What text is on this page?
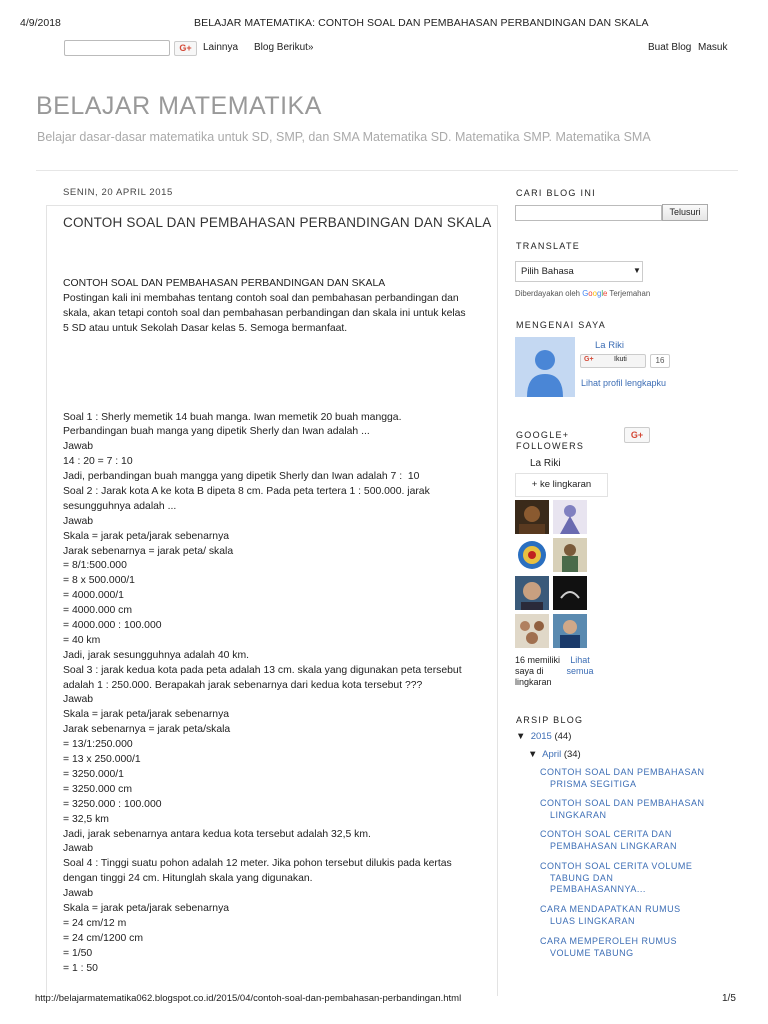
4/9/2018	BELAJAR MATEMATIKA: CONTOH SOAL DAN PEMBAHASAN PERBANDINGAN DAN SKALA
http://belajarmatematika062.blogspot.co.id/2015/04/contoh-soal-dan-pembahasan-perbandingan.html	1/5
G+	Lainnya Blog Berikut»	Buat Blog Masuk
BELAJAR MATEMATIKA
Belajar dasar-dasar matematika untuk SD, SMP, dan SMA Matematika SD. Matematika SMP. Matematika SMA
SENIN, 20 APRIL 2015
CONTOH SOAL DAN PEMBAHASAN PERBANDINGAN DAN SKALA
CONTOH SOAL DAN PEMBAHASAN PERBANDINGAN DAN SKALA
Postingan kali ini membahas tentang contoh soal dan pembahasan perbandingan dan
skala, akan tetapi contoh soal dan pembahasan perbandingan dan skala ini untuk kelas
5 SD atau untuk Sekolah Dasar kelas 5. Semoga bermanfaat.
Soal 1 : Sherly memetik 14 buah manga. Iwan memetik 20 buah mangga.
Perbandingan buah manga yang dipetik Sherly dan Iwan adalah ...
Jawab
14 : 20 = 7 : 10
Jadi, perbandingan buah mangga yang dipetik Sherly dan Iwan adalah 7 :  10
Soal 2 : Jarak kota A ke kota B dipeta 8 cm. Pada peta tertera 1 : 500.000. jarak
sesungguhnya adalah ...
Jawab
Skala = jarak peta/jarak sebenarnya
Jarak sebenarnya = jarak peta/ skala
= 8/1:500.000
= 8 x 500.000/1
= 4000.000/1
= 4000.000 cm
= 4000.000 : 100.000
= 40 km
Jadi, jarak sesungguhnya adalah 40 km.
Soal 3 : jarak kedua kota pada peta adalah 13 cm. skala yang digunakan peta tersebut
adalah 1 : 250.000. Berapakah jarak sebenarnya dari kedua kota tersebut ???
Jawab
Skala = jarak peta/jarak sebenarnya
Jarak sebenarnya = jarak peta/skala
= 13/1:250.000
= 13 x 250.000/1
= 3250.000/1
= 3250.000 cm
= 3250.000 : 100.000
= 32,5 km
Jadi, jarak sebenarnya antara kedua kota tersebut adalah 32,5 km.
Jawab
Soal 4 : Tinggi suatu pohon adalah 12 meter. Jika pohon tersebut dilukis pada kertas
dengan tinggi 24 cm. Hitunglah skala yang digunakan.
Jawab
Skala = jarak peta/jarak sebenarnya
= 24 cm/12 m
= 24 cm/1200 cm
= 1/50
= 1 : 50
CARI BLOG INI
Telusuri
TRANSLATE
Pilih Bahasa	▼
Diberdayakan oleh Google Terjemahan
MENGENAI SAYA
La Riki
G+	Ikuti	16
Lihat profil lengkapku
GOOGLE+
FOLLOWERS
G+
La Riki
+ ke lingkaran
16 memiliki
saya di
lingkaran
Lihat
semua
ARSIP BLOG
▼ 2015 (44)
▼ April (34)
CONTOH SOAL DAN PEMBAHASAN
PRISMA SEGITIGA
CONTOH SOAL DAN PEMBAHASAN
LINGKARAN
CONTOH SOAL CERITA DAN
PEMBAHASAN LINGKARAN
CONTOH SOAL CERITA VOLUME
TABUNG DAN
PEMBAHASANNYA...
CARA MENDAPATKAN RUMUS
LUAS LINGKARAN
CARA MEMPEROLEH RUMUS
VOLUME TABUNG
